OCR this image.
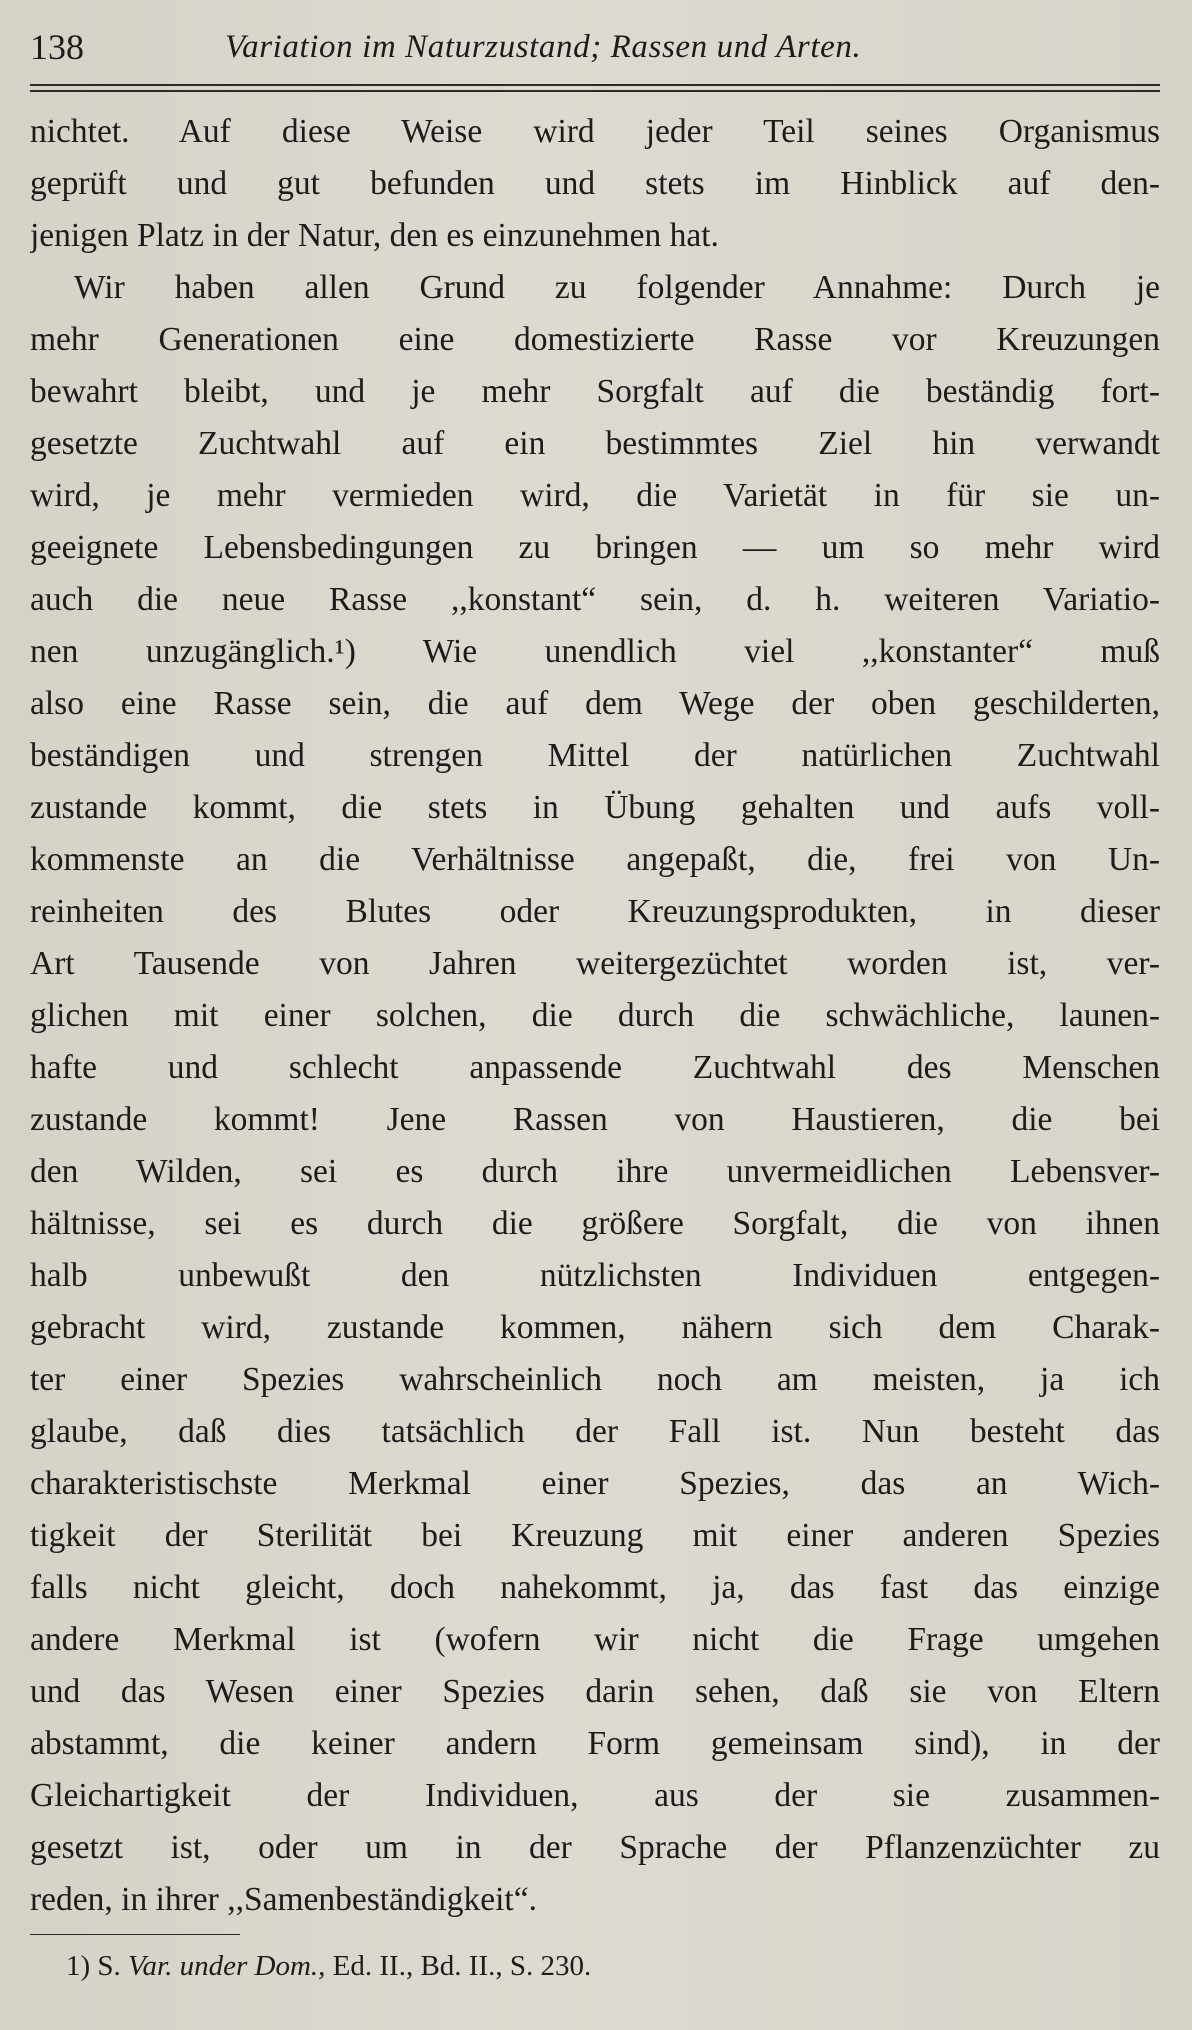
138	Variation im Naturzustand; Rassen und Arten.
nichtet. Auf diese Weise wird jeder Teil seines Organismus
geprüft und gut befunden und stets im Hinblick auf den-
jenigen Platz in der Natur, den es einzunehmen hat.
Wir haben allen Grund zu folgender Annahme: Durch je
mehr Generationen eine domestizierte Rasse vor Kreuzungen
bewahrt bleibt, und je mehr Sorgfalt auf die beständig fort-
gesetzte Zuchtwahl auf ein bestimmtes Ziel hin verwandt
wird, je mehr vermieden wird, die Varietät in für sie un-
geeignete Lebensbedingungen zu bringen — um so mehr wird
auch die neue Rasse ,,konstant“ sein, d. h. weiteren Variatio-
nen unzugänglich.¹) Wie unendlich viel ,,konstanter“ muß
also eine Rasse sein, die auf dem Wege der oben geschilderten,
beständigen und strengen Mittel der natürlichen Zuchtwahl
zustande kommt, die stets in Übung gehalten und aufs voll-
kommenste an die Verhältnisse angepaßt, die, frei von Un-
reinheiten des Blutes oder Kreuzungsprodukten, in dieser
Art Tausende von Jahren weitergezüchtet worden ist, ver-
glichen mit einer solchen, die durch die schwächliche, launen-
hafte und schlecht anpassende Zuchtwahl des Menschen
zustande kommt! Jene Rassen von Haustieren, die bei
den Wilden, sei es durch ihre unvermeidlichen Lebensver-
hältnisse, sei es durch die größere Sorgfalt, die von ihnen
halb unbewußt den nützlichsten Individuen entgegen-
gebracht wird, zustande kommen, nähern sich dem Charak-
ter einer Spezies wahrscheinlich noch am meisten, ja ich
glaube, daß dies tatsächlich der Fall ist. Nun besteht das
charakteristischste Merkmal einer Spezies, das an Wich-
tigkeit der Sterilität bei Kreuzung mit einer anderen Spezies
falls nicht gleicht, doch nahekommt, ja, das fast das einzige
andere Merkmal ist (wofern wir nicht die Frage umgehen
und das Wesen einer Spezies darin sehen, daß sie von Eltern
abstammt, die keiner andern Form gemeinsam sind), in der
Gleichartigkeit der Individuen, aus der sie zusammen-
gesetzt ist, oder um in der Sprache der Pflanzenzüchter zu
reden, in ihrer ,,Samenbeständigkeit“.
1) S. Var. under Dom., Ed. II., Bd. II., S. 230.
